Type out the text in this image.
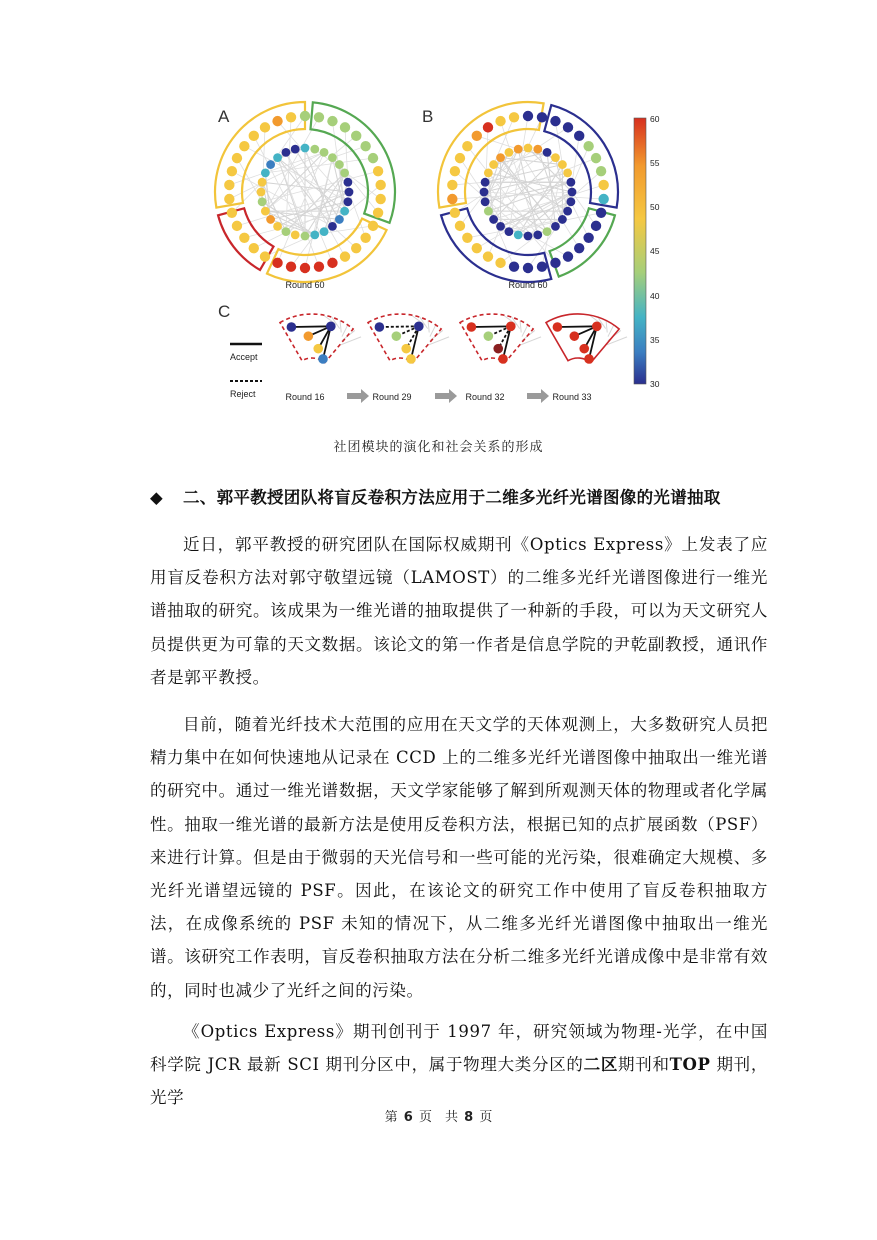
A	B
C
Round 60	Round 60
Accept
Reject	Round 16	Round 29	Round 32	Round 33
60
55
50
45
40
35
30
社团模块的演化和社会关系的形成
◆ 二、郭平教授团队将盲反卷积方法应用于二维多光纤光谱图像的光谱抽取
近日，郭平教授的研究团队在国际权威期刊《Optics Express》上发表了应用盲反卷积方法对郭守敬望远镜（LAMOST）的二维多光纤光谱图像进行一维光谱抽取的研究。该成果为一维光谱的抽取提供了一种新的手段，可以为天文研究人员提供更为可靠的天文数据。该论文的第一作者是信息学院的尹乾副教授，通讯作者是郭平教授。
目前，随着光纤技术大范围的应用在天文学的天体观测上，大多数研究人员把精力集中在如何快速地从记录在 CCD 上的二维多光纤光谱图像中抽取出一维光谱的研究中。通过一维光谱数据，天文学家能够了解到所观测天体的物理或者化学属性。抽取一维光谱的最新方法是使用反卷积方法，根据已知的点扩展函数（PSF）来进行计算。但是由于微弱的天光信号和一些可能的光污染，很难确定大规模、多光纤光谱望远镜的 PSF。因此，在该论文的研究工作中使用了盲反卷积抽取方法，在成像系统的 PSF 未知的情况下，从二维多光纤光谱图像中抽取出一维光谱。该研究工作表明，盲反卷积抽取方法在分析二维多光纤光谱成像中是非常有效的，同时也减少了光纤之间的污染。
《Optics Express》期刊创刊于 1997 年，研究领域为物理-光学，在中国科学院 JCR 最新 SCI 期刊分区中，属于物理大类分区的二区期刊和TOP 期刊，光学
第 6 页　共 8 页
